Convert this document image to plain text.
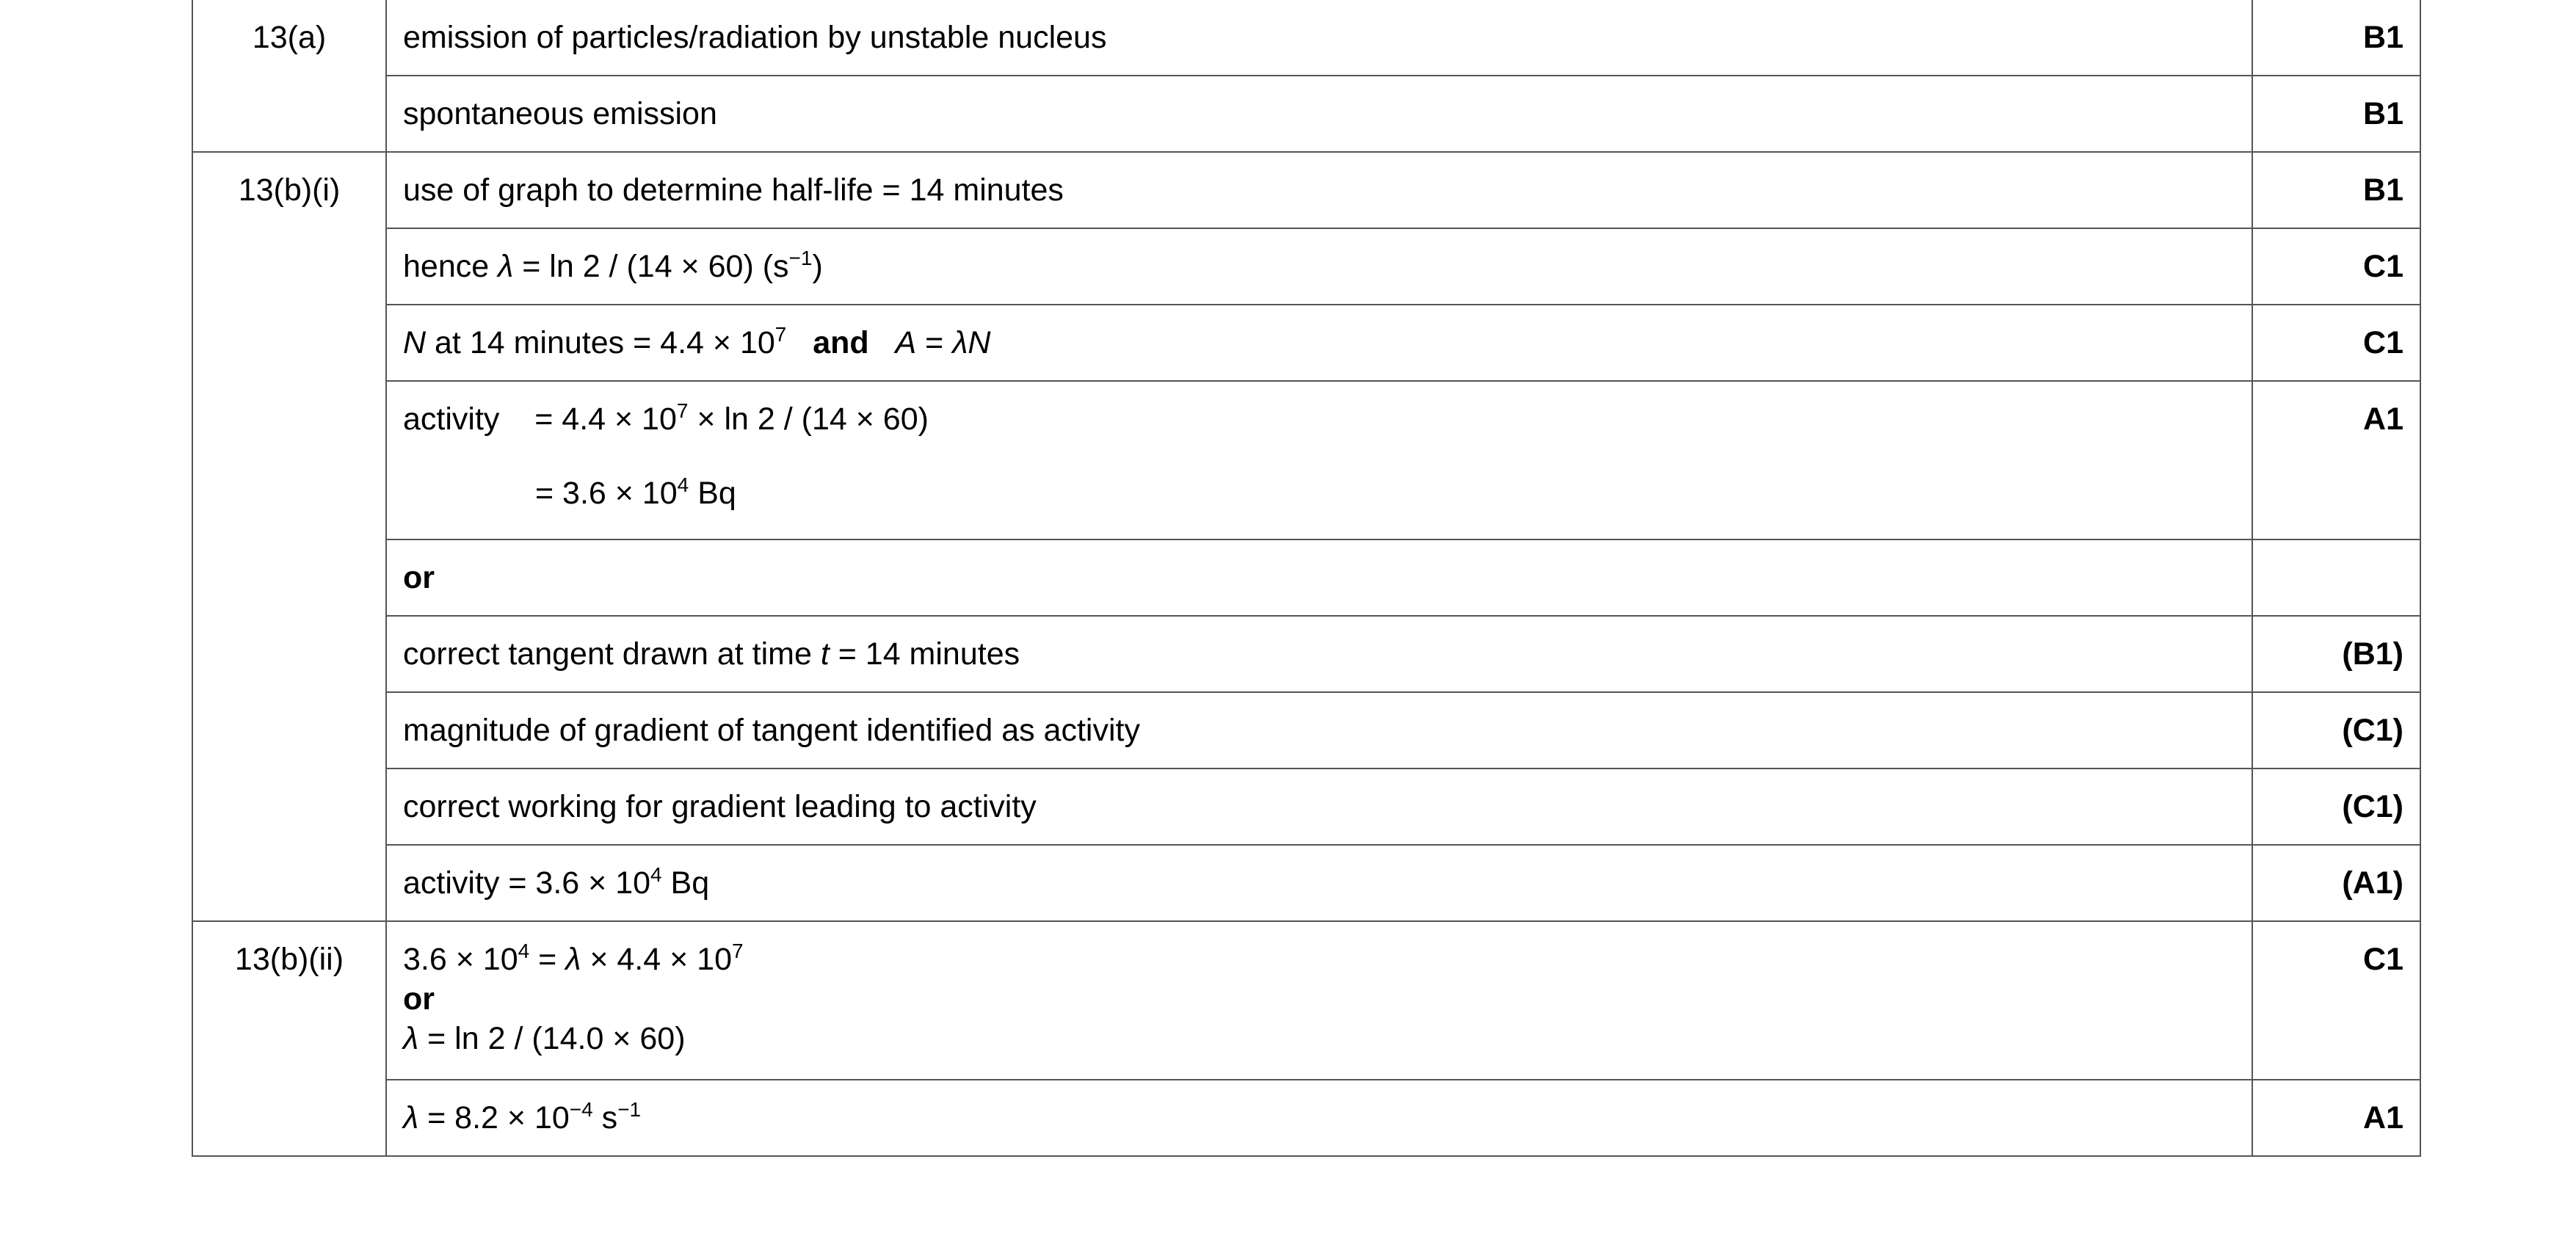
13(a)	emission of particles/radiation by unstable nucleus	B1

	spontaneous emission	B1

13(b)(i)	use of graph to determine half-life = 14 minutes	B1

	hence λ = ln 2 / (14 × 60) $(s^{-1})$	C1

	N at 14 minutes = $4.4 \times 10^7$ and A = λN	C1

	activity = $4.4 \times 10^7 \times \ln 2 / (14 \times 60)$
= $3.6 \times 10^4$ Bq	A1

	or	

	correct tangent drawn at time t = 14 minutes	(B1)

	magnitude of gradient of tangent identified as activity	(C1)

	correct working for gradient leading to activity	(C1)

	activity = $3.6 \times 10^4$ Bq	(A1)

13(b)(ii)	$3.6 \times 10^4 = \lambda \times 4.4 \times 10^7$
or
λ = ln 2 / (14.0 × 60)	C1

	$\lambda = 8.2 \times 10^{-4}$ $s^{-1}$	A1
